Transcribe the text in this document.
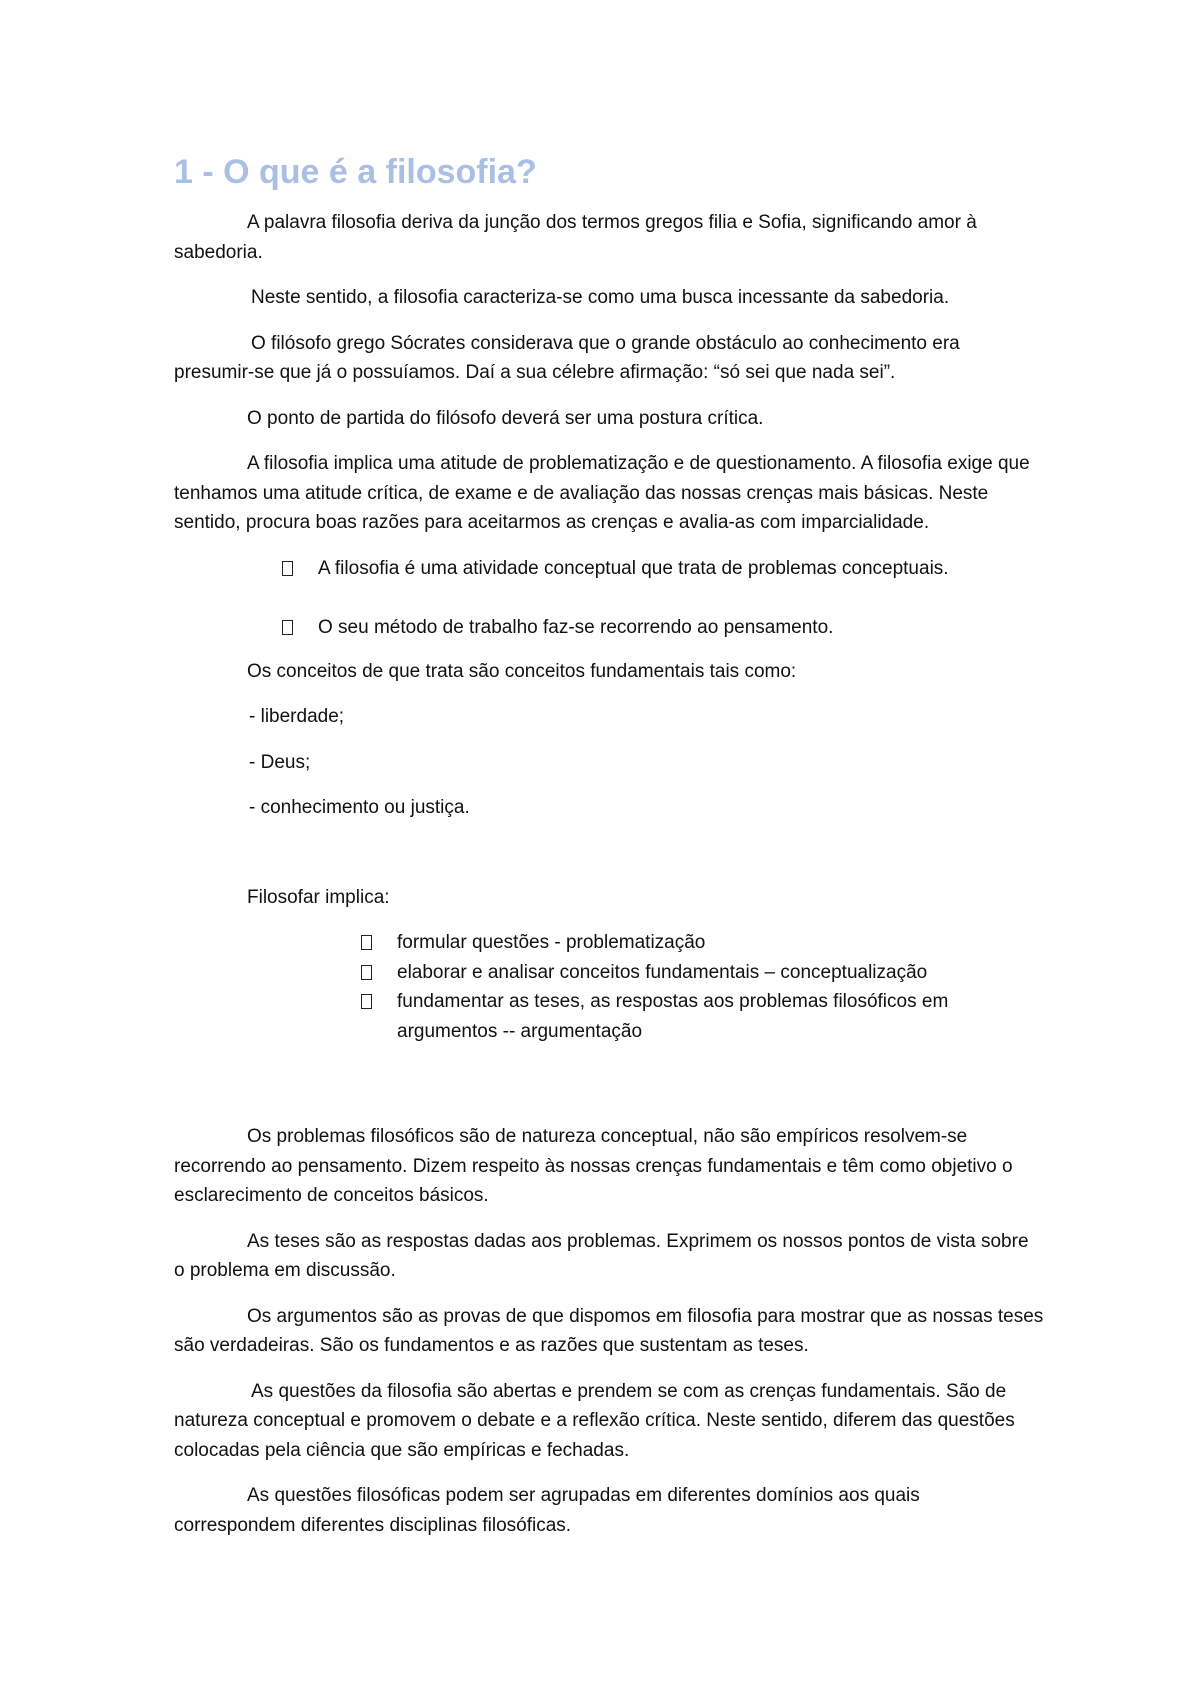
1 - O que é a filosofia?

A palavra filosofia deriva da junção dos termos gregos filia e Sofia, significando amor à sabedoria.

Neste sentido, a filosofia caracteriza-se como uma busca incessante da sabedoria.

O filósofo grego Sócrates considerava que o grande obstáculo ao conhecimento era presumir-se que já o possuíamos. Daí a sua célebre afirmação: “só sei que nada sei”.

O ponto de partida do filósofo deverá ser uma postura crítica.

A filosofia implica uma atitude de problematização e de questionamento. A filosofia exige que tenhamos uma atitude crítica, de exame e de avaliação das nossas crenças mais básicas. Neste sentido, procura boas razões para aceitarmos as crenças e avalia-as com imparcialidade.

A filosofia é uma atividade conceptual que trata de problemas conceptuais.
O seu método de trabalho faz-se recorrendo ao pensamento.

Os conceitos de que trata são conceitos fundamentais tais como:

- liberdade;

- Deus;

- conhecimento ou justiça.

Filosofar implica:

formular questões - problematização
elaborar e analisar conceitos fundamentais – conceptualização
fundamentar as teses, as respostas aos problemas filosóficos em argumentos -- argumentação

Os problemas filosóficos são de natureza conceptual, não são empíricos resolvem-se recorrendo ao pensamento. Dizem respeito às nossas crenças fundamentais e têm como objetivo o esclarecimento de conceitos básicos.

As teses são as respostas dadas aos problemas. Exprimem os nossos pontos de vista sobre o problema em discussão.

Os argumentos são as provas de que dispomos em filosofia para mostrar que as nossas teses são verdadeiras. São os fundamentos e as razões que sustentam as teses.

As questões da filosofia são abertas e prendem se com as crenças fundamentais. São de natureza conceptual e promovem o debate e a reflexão crítica. Neste sentido, diferem das questões colocadas pela ciência que são empíricas e fechadas.

As questões filosóficas podem ser agrupadas em diferentes domínios aos quais correspondem diferentes disciplinas filosóficas.
